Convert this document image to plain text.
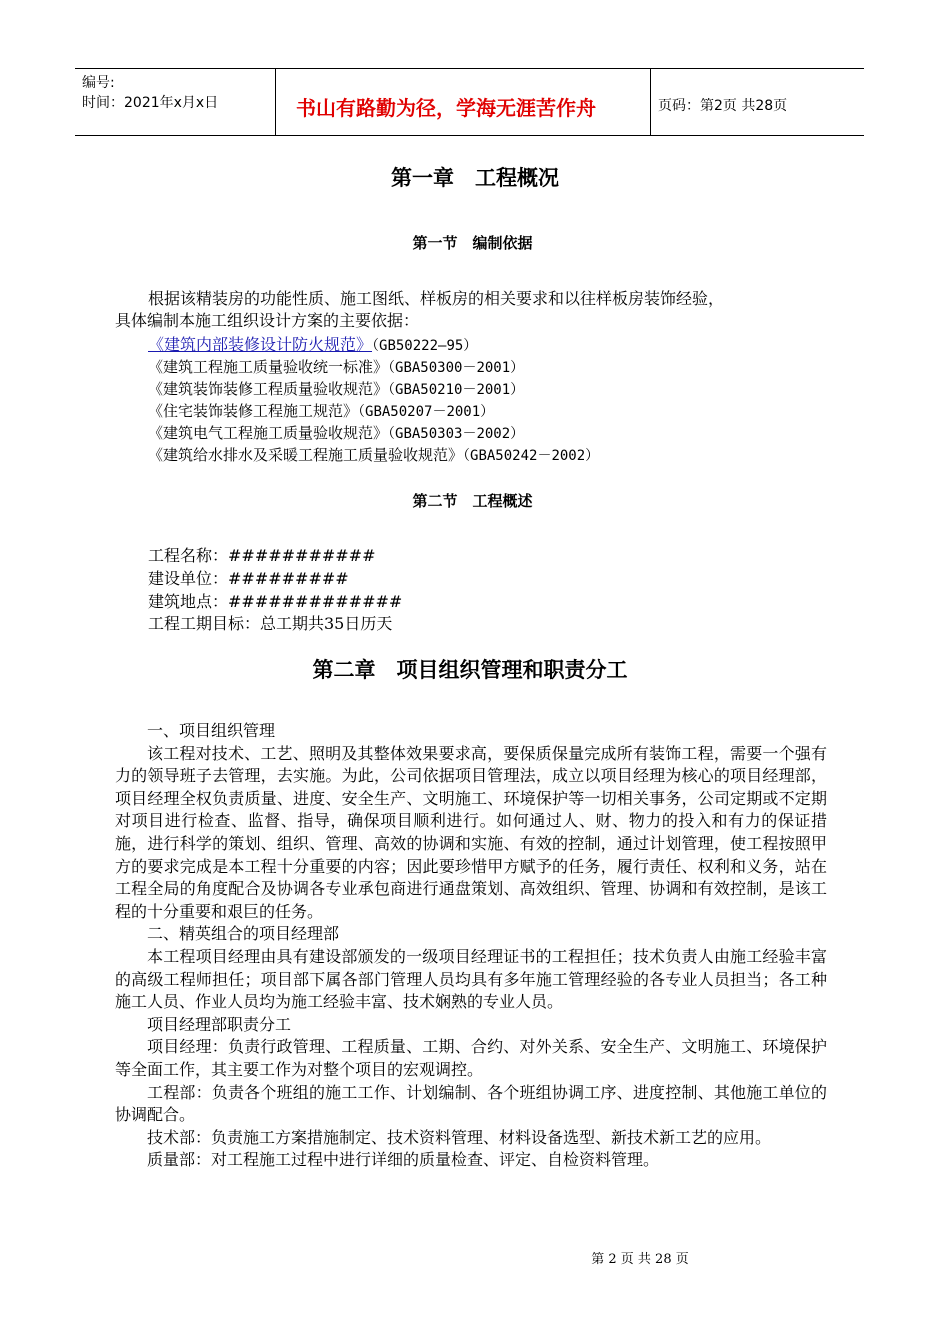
编号:
时间：2021年x月x日	书山有路勤为径，学海无涯苦作舟	页码：第2页 共28页
第一章　工程概况
第一节　编制依据
根据该精装房的功能性质、施工图纸、样板房的相关要求和以往样板房装饰经验，
具体编制本施工组织设计方案的主要依据：
《建筑内部装修设计防火规范》（GB50222—95）
《建筑工程施工质量验收统一标准》（GBA50300－2001）
《建筑装饰装修工程质量验收规范》（GBA50210－2001）
《住宅装饰装修工程施工规范》（GBA50207－2001）
《建筑电气工程施工质量验收规范》（GBA50303－2002）
《建筑给水排水及采暖工程施工质量验收规范》（GBA50242－2002）
第二节　工程概述
工程名称：###########
建设单位：#########
建筑地点：#############
工程工期目标：总工期共35日历天
第二章　项目组织管理和职责分工

一、项目组织管理

该工程对技术、工艺、照明及其整体效果要求高，要保质保量完成所有装饰工程，需要一个强有力的领导班子去管理，去实施。为此，公司依据项目管理法，成立以项目经理为核心的项目经理部，项目经理全权负责质量、进度、安全生产、文明施工、环境保护等一切相关事务，公司定期或不定期对项目进行检查、监督、指导，确保项目顺利进行。如何通过人、财、物力的投入和有力的保证措施，进行科学的策划、组织、管理、高效的协调和实施、有效的控制，通过计划管理，使工程按照甲方的要求完成是本工程十分重要的内容；因此要珍惜甲方赋予的任务，履行责任、权利和义务，站在工程全局的角度配合及协调各专业承包商进行通盘策划、高效组织、管理、协调和有效控制，是该工程的十分重要和艰巨的任务。

二、精英组合的项目经理部

本工程项目经理由具有建设部颁发的一级项目经理证书的工程担任；技术负责人由施工经验丰富的高级工程师担任；项目部下属各部门管理人员均具有多年施工管理经验的各专业人员担当；各工种施工人员、作业人员均为施工经验丰富、技术娴熟的专业人员。

项目经理部职责分工

项目经理：负责行政管理、工程质量、工期、合约、对外关系、安全生产、文明施工、环境保护等全面工作，其主要工作为对整个项目的宏观调控。

工程部：负责各个班组的施工工作、计划编制、各个班组协调工序、进度控制、其他施工单位的协调配合。

技术部：负责施工方案措施制定、技术资料管理、材料设备选型、新技术新工艺的应用。

质量部：对工程施工过程中进行详细的质量检查、评定、自检资料管理。

第 2 页 共 28 页
